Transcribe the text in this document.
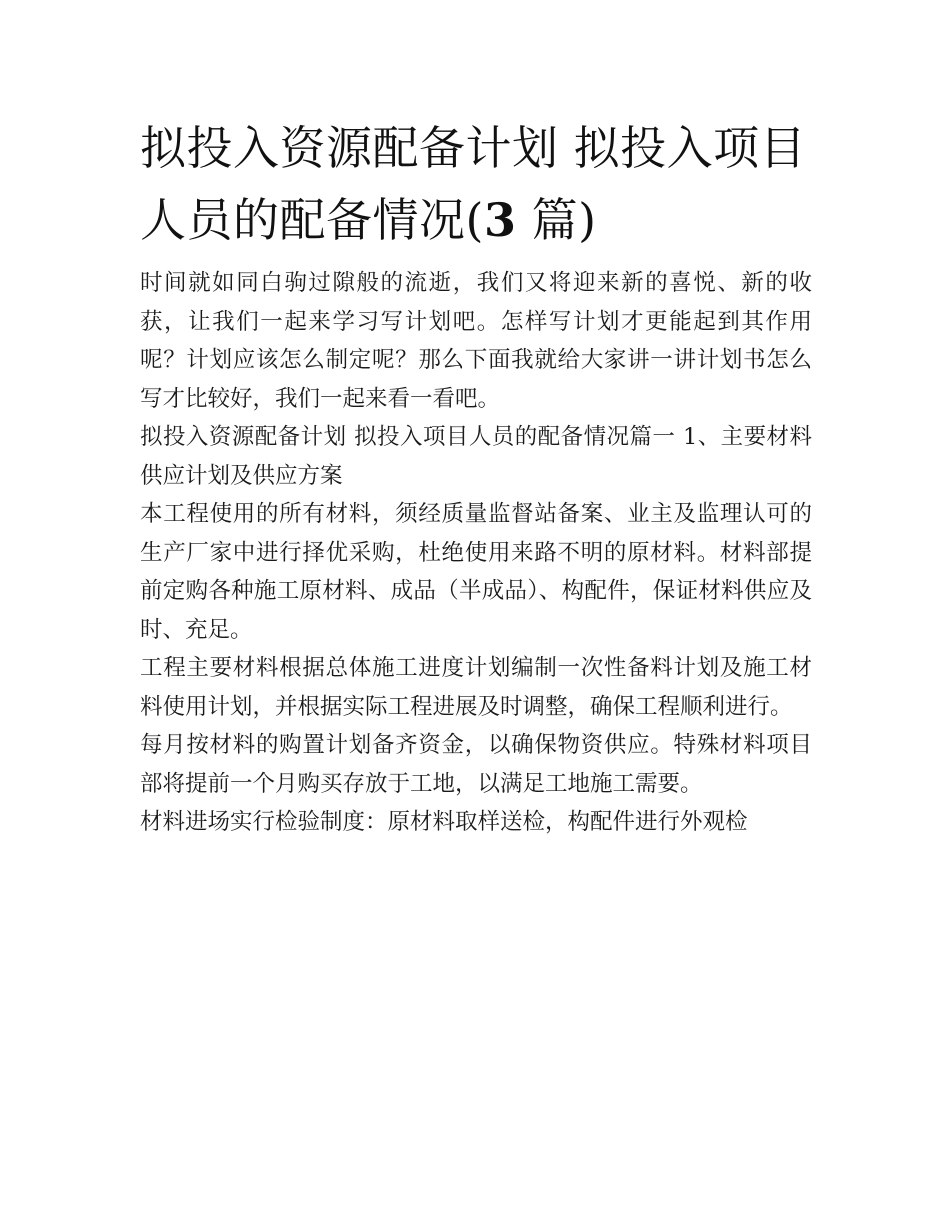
拟投入资源配备计划 拟投入项目人员的配备情况(3 篇)

时间就如同白驹过隙般的流逝，我们又将迎来新的喜悦、新的收获，让我们一起来学习写计划吧。怎样写计划才更能起到其作用呢？计划应该怎么制定呢？那么下面我就给大家讲一讲计划书怎么写才比较好，我们一起来看一看吧。

拟投入资源配备计划 拟投入项目人员的配备情况篇一 1、主要材料供应计划及供应方案

本工程使用的所有材料，须经质量监督站备案、业主及监理认可的生产厂家中进行择优采购，杜绝使用来路不明的原材料。材料部提前定购各种施工原材料、成品（半成品）、构配件，保证材料供应及时、充足。

工程主要材料根据总体施工进度计划编制一次性备料计划及施工材料使用计划，并根据实际工程进展及时调整，确保工程顺利进行。

每月按材料的购置计划备齐资金，以确保物资供应。特殊材料项目部将提前一个月购买存放于工地，以满足工地施工需要。

材料进场实行检验制度：原材料取样送检，构配件进行外观检
